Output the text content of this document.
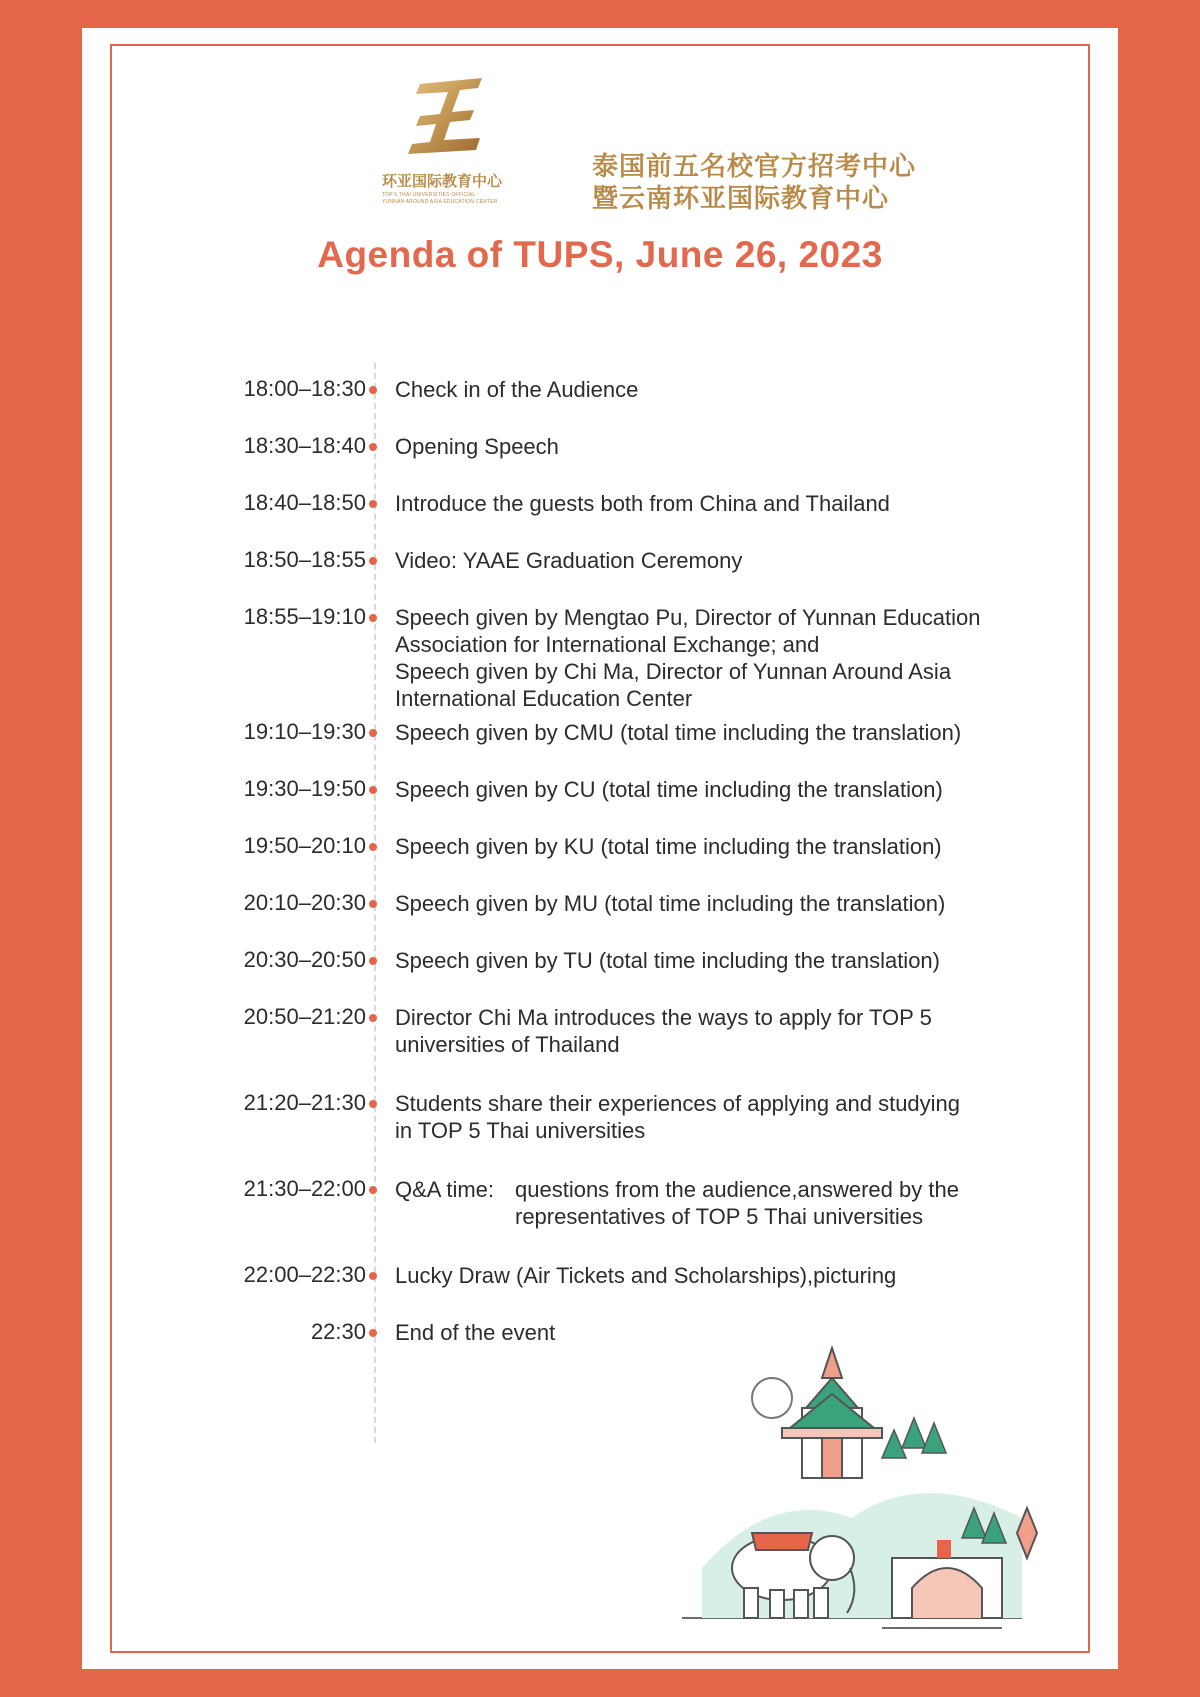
环亚国际教育中心
TOP 5 THAI UNIVERSITIES OFFICIAL
YUNNAN AROUND ASIA EDUCATION CENTER
泰国前五名校官方招考中心
暨云南环亚国际教育中心
Agenda of TUPS, June 26, 2023
18:00–18:30 Check in of the Audience
18:30–18:40 Opening Speech
18:40–18:50 Introduce the guests both from China and Thailand
18:50–18:55 Video: YAAE Graduation Ceremony
18:55–19:10 Speech given by Mengtao Pu, Director of Yunnan Education
Association for International Exchange; and
Speech given by Chi Ma, Director of Yunnan Around Asia
International Education Center
19:10–19:30 Speech given by CMU (total time including the translation)
19:30–19:50 Speech given by CU (total time including the translation)
19:50–20:10 Speech given by KU (total time including the translation)
20:10–20:30 Speech given by MU (total time including the translation)
20:30–20:50 Speech given by TU (total time including the translation)
20:50–21:20 Director Chi Ma introduces the ways to apply for TOP 5
universities of Thailand
21:20–21:30 Students share their experiences of applying and studying
in TOP 5 Thai universities
21:30–22:00 Q&A time: questions from the audience,answered by the
representatives of TOP 5 Thai universities
22:00–22:30 Lucky Draw (Air Tickets and Scholarships),picturing
22:30 End of the event
